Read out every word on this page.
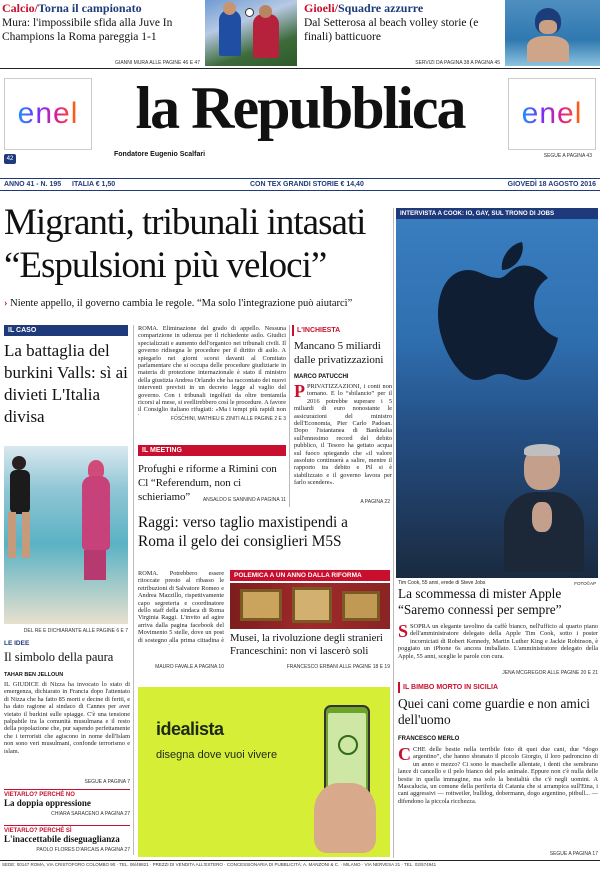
Calcio/Torna il campionato
Mura: l'impossibile sfida alla Juve In Champions la Roma pareggia 1-1
GIANNI MURA ALLE PAGINE 46 E 47
Gioeli/Squadre azzurre
Dal Setterosa al beach volley storie (e finali) batticuore
SERVIZI DA PAGINA 38 A PAGINA 45
enel	enel
la Repubblica
Fondatore Eugenio Scalfari	SEGUE A PAGINA 43
42
ANNO 41 - N. 195 ITALIA € 1,50	CON TEX GRANDI STORIE € 14,40	GIOVEDÌ 18 AGOSTO 2016
Migranti, tribunali intasati
“Espulsioni più veloci”
› Niente appello, il governo cambia le regole. “Ma solo l'integrazione può aiutarci”
INTERVISTA A COOK: IO, GAY, SUL TRONO DI JOBS
Tim Cook, 55 anni, erede di Steve Jobs	FOTO©AP
La scommessa di mister Apple “Saremo connessi per sempre”
S SOPRA un elegante tavolino da caffè bianco, nell'ufficio al quarto piano dell'amministratore delegato della Apple Tim Cook, sotto i poster incorniciati di Robert Kennedy, Martin Luther King e Jackie Robinson, è poggiato un iPhone 6s ancora imballato. L'amministratore delegato della Apple, 55 anni, sceglie le parole con cura.
JENA MCGREGOR ALLE PAGINE 20 E 21
IL CASO
La battaglia del burkini Valls: sì ai divieti L'Italia divisa
DEL RE E DICHIARANTE ALLE PAGINE 6 E 7
ROMA. Eliminazione del grado di appello. Nessuna comparizione in udienza per il richiedente asilo. Giudici specializzati e aumento dell'organico nei tribunali civili. Il governo ridisegna le procedure per il diritto di asilo. A spiegarlo nei giorni scorsi davanti al Comitato parlamentare che si occupa delle procedure giudiziarie in materia di protezione internazionale è stato il ministro della giustizia Andrea Orlando che ha raccontato dei nuovi interventi previsti in un decreto legge al vaglio del governo. Con i tribunali ingolfati da oltre trentamila ricorsi al mese, si svellirebbero così le procedure. A favore il Consiglio italiano rifugiati: «Ma i tempi più rapidi non
FOSCHINI, MATHIEU E ZINITI ALLE PAGINE 2 E 3
IL MEETING
Profughi e riforme a Rimini con Cl “Referendum, non ci schieriamo”	ANSALDO E SANNINO A PAGINA 11
L'INCHIESTA
Mancano 5 miliardi dalle privatizzazioni
MARCO PATUCCHI
P PRIVATIZZAZIONI, i conti non tornano. E lo “sbilancio” per il 2016 potrebbe superare i 5 miliardi di euro nonostante le assicurazioni del ministro dell'Economia, Pier Carlo Padoan. Dopo l'istantanea di Bankitalia sull'ennesimo record del debito pubblico, il Tesoro ha gettato acqua sul fuoco spiegando che «il valore assoluto continuerà a salire, mentre il rapporto tra debito e Pil si è stabilizzato e il governo lavora per farlo scendere».
A PAGINA 22
Raggi: verso taglio maxistipendi a Roma il gelo dei consiglieri M5S
ROMA. Potrebbero essere ritoccate presto al ribasso le retribuzioni di Salvatore Romeo e Andrea Mazzillo, rispettivamente capo segreteria e coordinatore dello staff della sindaca di Roma Virginia Raggi. L'invito ad agire arriva dalla pagina facebook del Movimento 5 stelle, dove un post di sostegno alla prima cittadina è
MAURO FAVALE A PAGINA 10
POLEMICA A UN ANNO DALLA RIFORMA
Musei, la rivoluzione degli stranieri Franceschini: non vi lascerò soli
FRANCESCO ERBANI ALLE PAGINE 18 E 19
LE IDEE
Il simbolo della paura
TAHAR BEN JELLOUN
IL GIUDICE di Nizza ha invocato lo stato di emergenza, dichiarato in Francia dopo l'attentato di Nizza che ha fatto 85 morti e decine di feriti, e ha dato ragione al sindaco di Cannes per aver vietato il burkini sulle spiagge. C'è una tensione palpabile tra la comunità musulmana e il resto della popolazione che, pur sapendo perfettamente che i terroristi che agiscono in nome dell'Islam non sono veri musulmani, confonde terrorismo e islam.
SEGUE A PAGINA 7
VIETARLO? PERCHÉ NO
La doppia oppressione
CHIARA SARACENO A PAGINA 27
VIETARLO? PERCHÉ SÌ
L'inaccettabile diseguaglianza
PAOLO FLORES D'ARCAIS A PAGINA 27
idealista
disegna dove vuoi vivere
IL BIMBO MORTO IN SICILIA
Quei cani come guardie e non amici dell'uomo
FRANCESCO MERLO
C CHE delle bestie nella terribile foto di quei due cani, due “dogo argentino”, che hanno sbranato il piccolo Giorgio, il loro padroncino di un anno e mezzo? Ci sono le maschelle allentate, i denti che sembrano lance di cancello e il pelo bianco del pelo animale. Eppure non c'è nulla delle bestie in quella immagine, ma solo la bestialità che c'è negli uomini. A Mascalucia, un comune della periferia di Catania che si arrampica sull'Etna, i cani aggressivi — rottweiler, bulldog, dobermann, dogo argentino, pitbull... — difendono la piccola ricchezza.
SEGUE A PAGINA 17
SEDE: 00147 ROMA, VIA CRISTOFORO COLOMBO 90 · TEL. 06/49821 · PREZZI DI VENDITA ALL'ESTERO · CONCESSIONARIA DI PUBBLICITÀ: A. MANZONI & C. · MILANO · VIA NERVESA 21 · TEL. 02/574941
